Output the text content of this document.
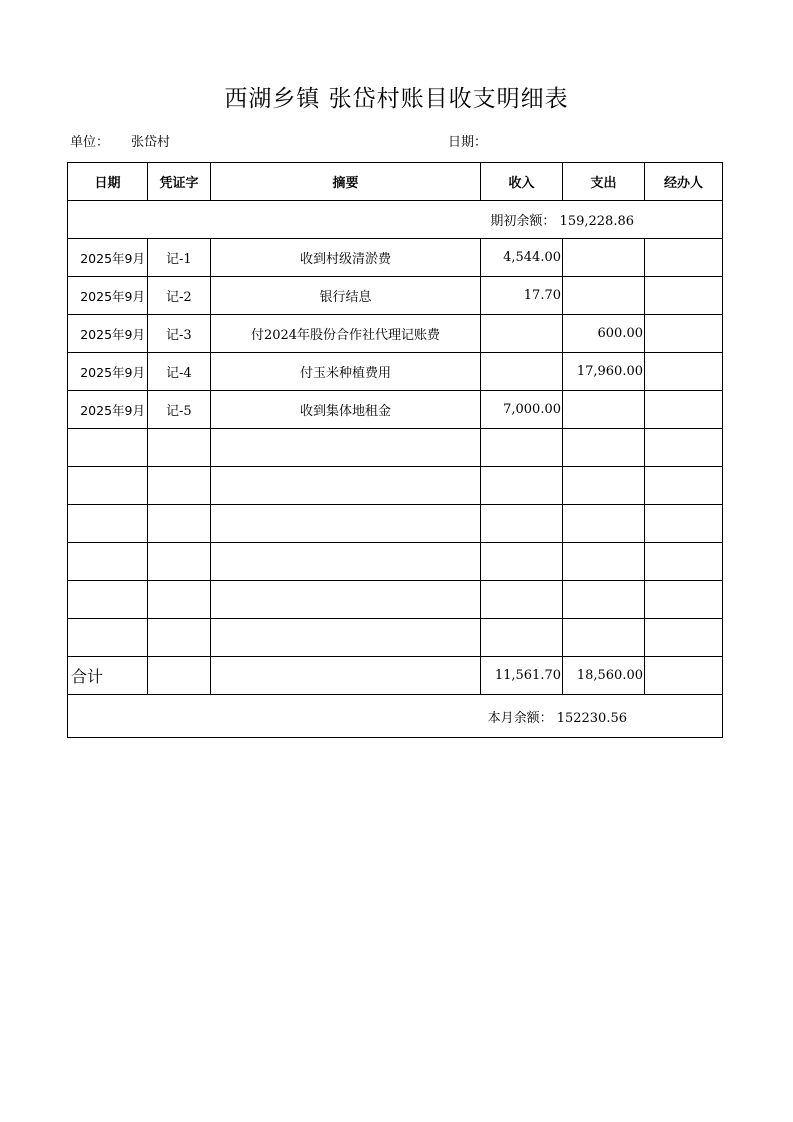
西湖乡镇 张岱村账目收支明细表
单位： 张岱村	日期：
日期	凭证字	摘要	收入	支出	经办人
期初余额： 159,228.86					
2025年9月	记-1	收到村级清淤费	4,544.00		
2025年9月	记-2	银行结息	17.70		
2025年9月	记-3	付2024年股份合作社代理记账费		600.00	
2025年9月	记-4	付玉米种植费用		17,960.00	
2025年9月	记-5	收到集体地租金	7,000.00		

合计			11,561.70	18,560.00	
本月余额： 152230.56					
